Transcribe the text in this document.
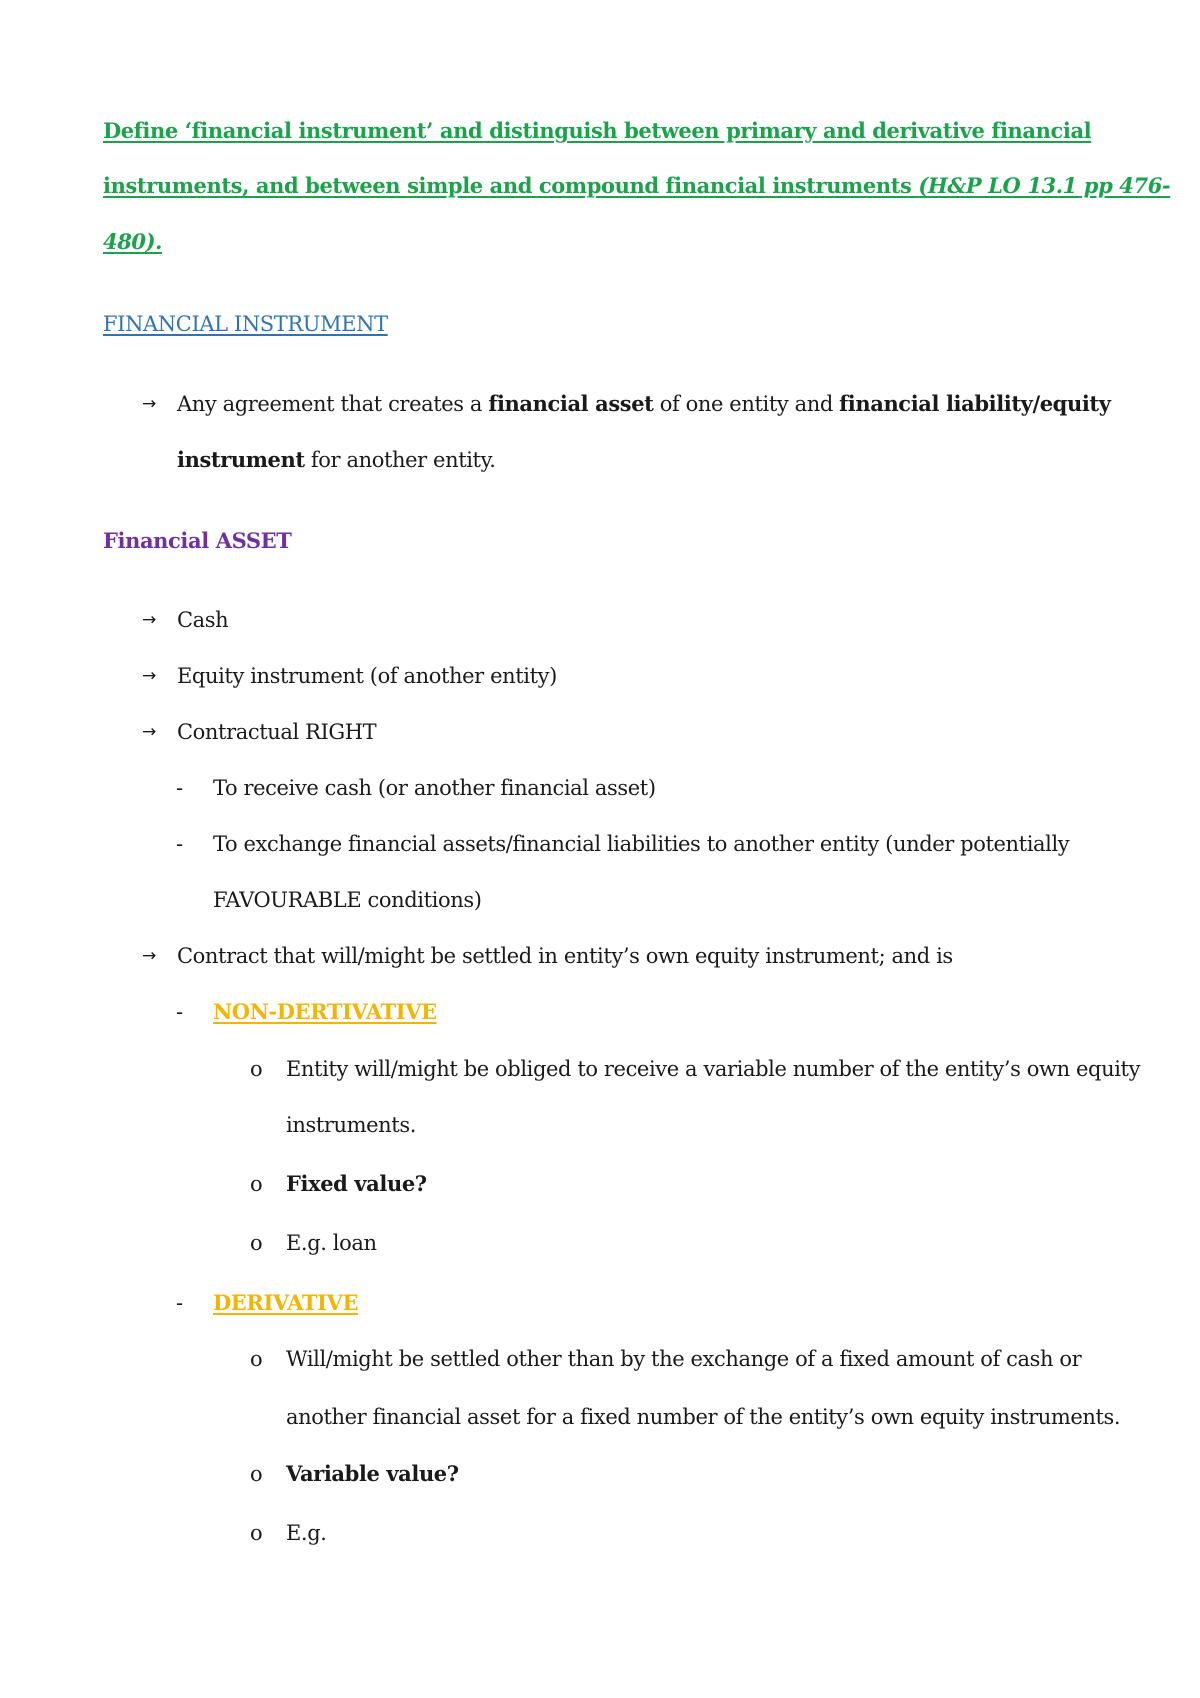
Define ‘financial instrument’ and distinguish between primary and derivative financial
instruments, and between simple and compound financial instruments (H&P LO 13.1 pp 476-
480).
FINANCIAL INSTRUMENT
→ Any agreement that creates a financial asset of one entity and financial liability/equity
instrument for another entity.
Financial ASSET
→ Cash
→ Equity instrument (of another entity)
→ Contractual RIGHT
- To receive cash (or another financial asset)
- To exchange financial assets/financial liabilities to another entity (under potentially
FAVOURABLE conditions)
→ Contract that will/might be settled in entity’s own equity instrument; and is
- NON-DERTIVATIVE
o Entity will/might be obliged to receive a variable number of the entity’s own equity
instruments.
o Fixed value?
o E.g. loan
- DERIVATIVE
o Will/might be settled other than by the exchange of a fixed amount of cash or
another financial asset for a fixed number of the entity’s own equity instruments.
o Variable value?
o E.g.
